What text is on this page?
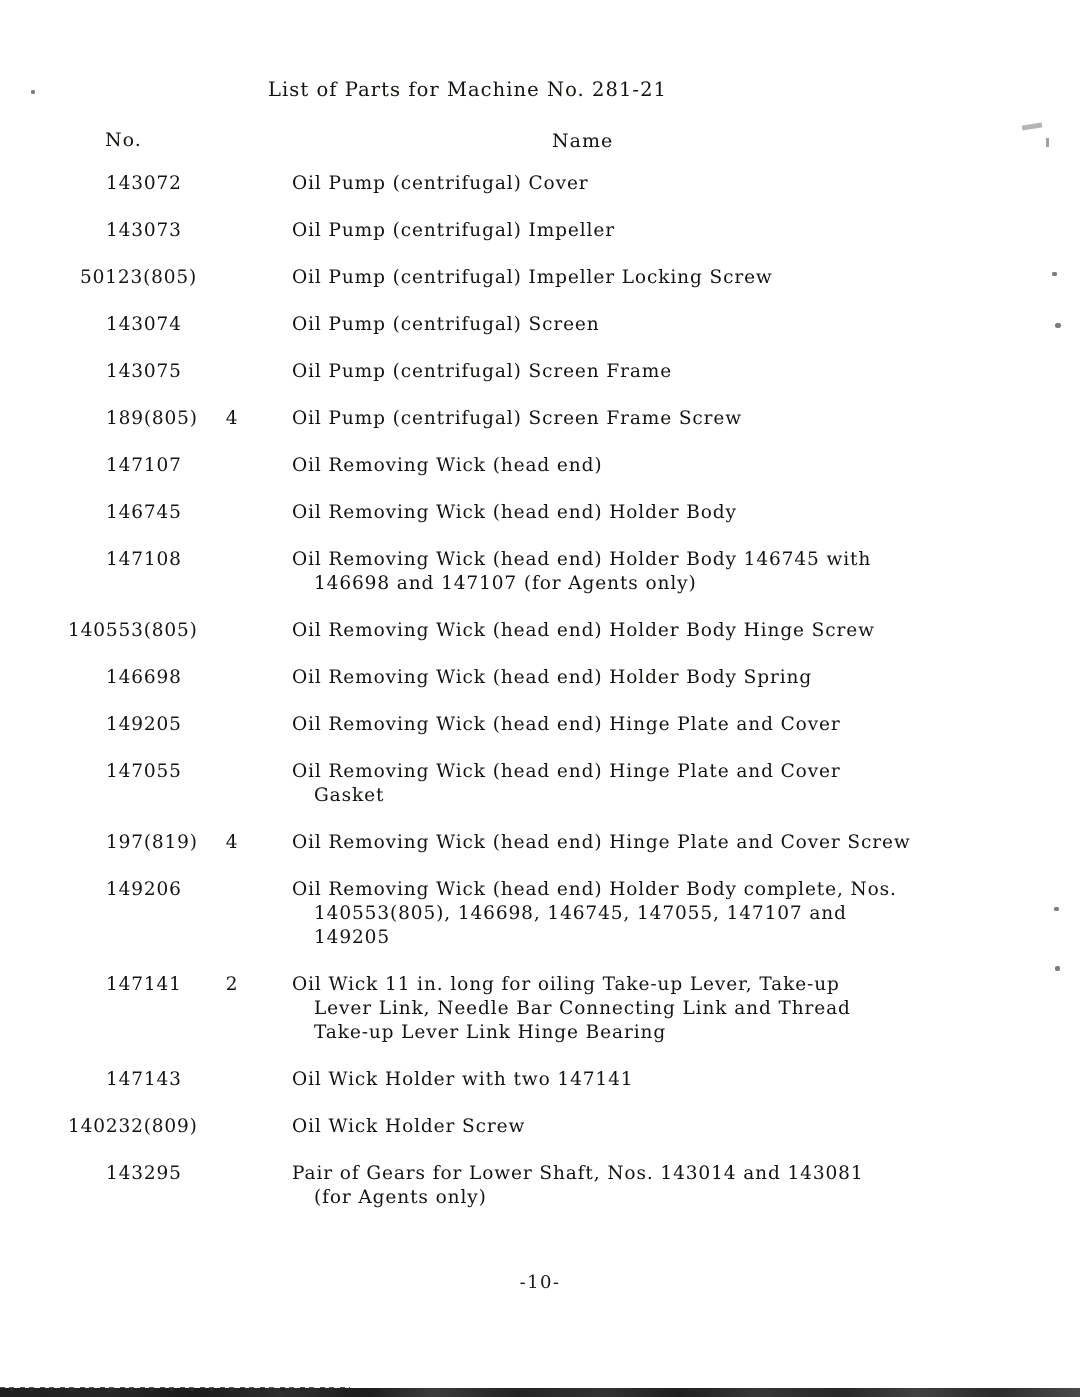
List of Parts for Machine No. 281-21
No.	Name
143072	Oil Pump (centrifugal) Cover
143073	Oil Pump (centrifugal) Impeller
50123(805)	Oil Pump (centrifugal) Impeller Locking Screw
143074	Oil Pump (centrifugal) Screen
143075	Oil Pump (centrifugal) Screen Frame
189(805)	4	Oil Pump (centrifugal) Screen Frame Screw
147107	Oil Removing Wick (head end)
146745	Oil Removing Wick (head end) Holder Body
147108	Oil Removing Wick (head end) Holder Body 146745 with
146698 and 147107 (for Agents only)
140553(805)	Oil Removing Wick (head end) Holder Body Hinge Screw
146698	Oil Removing Wick (head end) Holder Body Spring
149205	Oil Removing Wick (head end) Hinge Plate and Cover
147055	Oil Removing Wick (head end) Hinge Plate and Cover
Gasket
197(819)	4	Oil Removing Wick (head end) Hinge Plate and Cover Screw
149206	Oil Removing Wick (head end) Holder Body complete, Nos.
140553(805), 146698, 146745, 147055, 147107 and
149205
147141	2	Oil Wick 11 in. long for oiling Take-up Lever, Take-up
Lever Link, Needle Bar Connecting Link and Thread
Take-up Lever Link Hinge Bearing
147143	Oil Wick Holder with two 147141
140232(809)	Oil Wick Holder Screw
143295	Pair of Gears for Lower Shaft, Nos. 143014 and 143081
(for Agents only)
-10-
